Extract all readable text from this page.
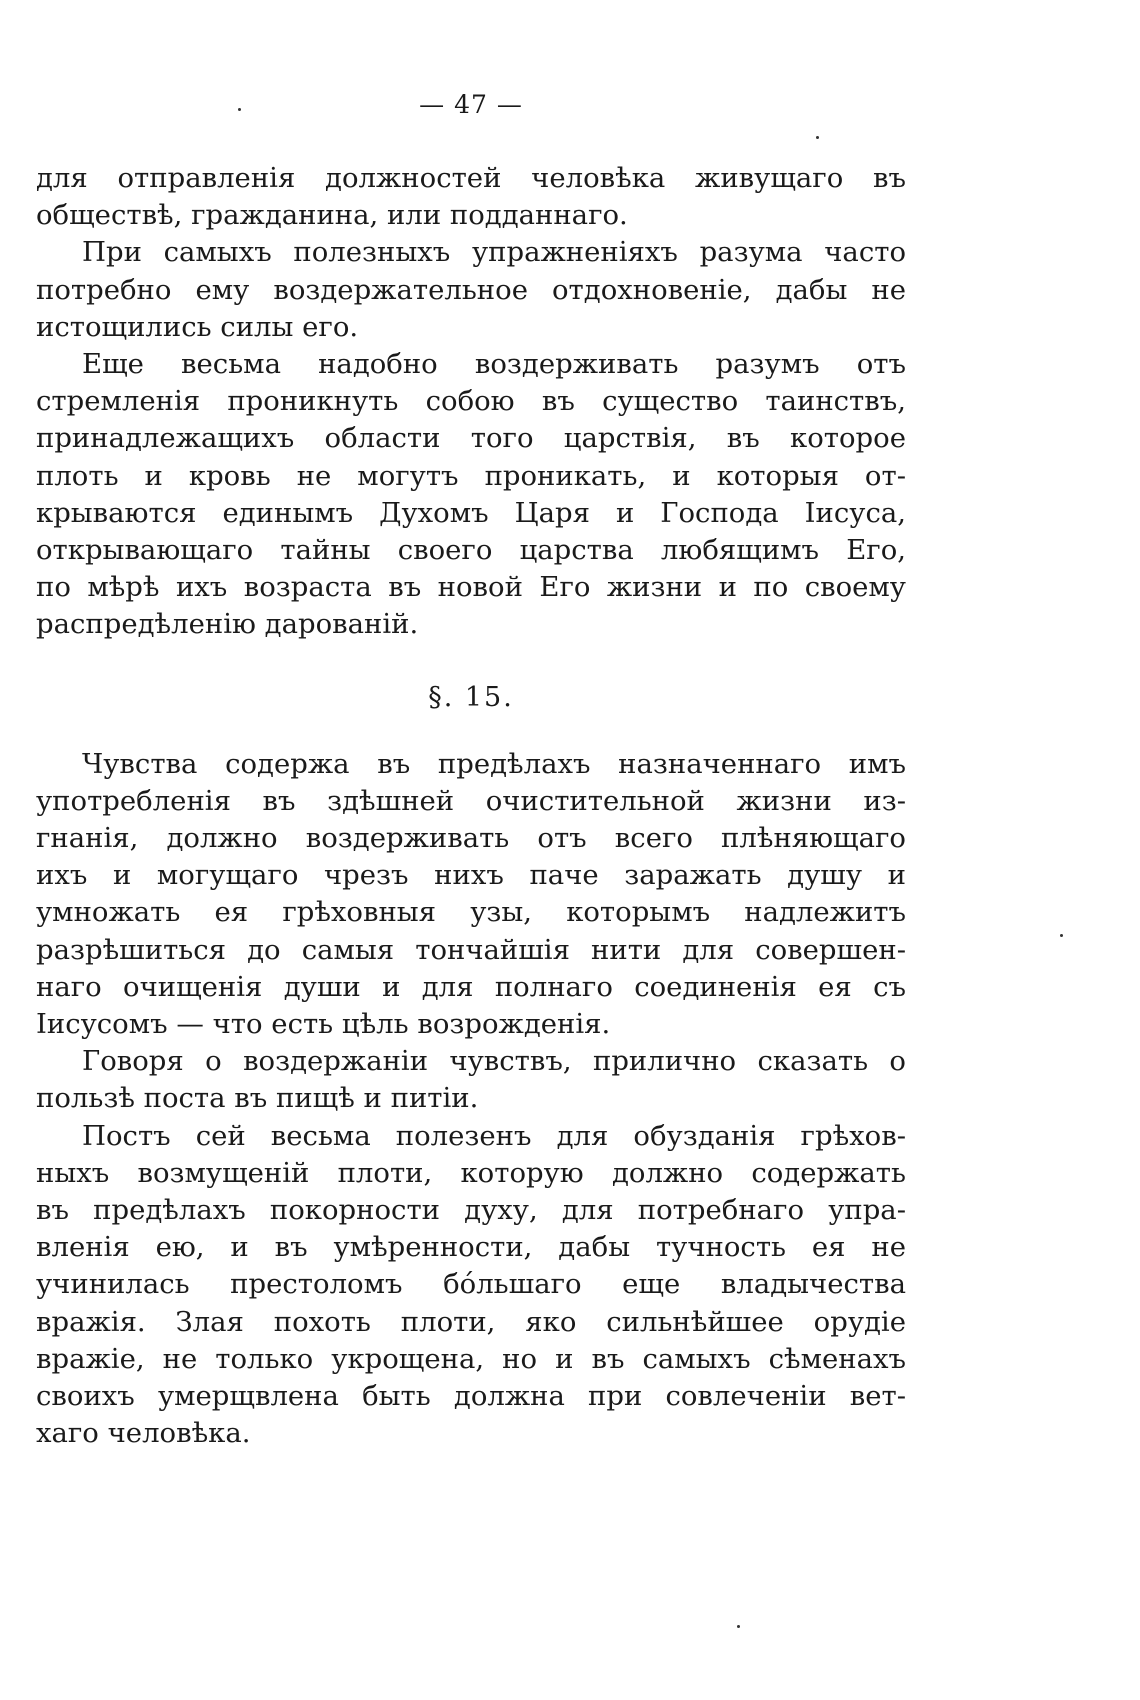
— 47 —

для отправленія должностей человѣка живущаго въ
обществѣ, гражданина, или подданнаго.

При самыхъ полезныхъ упражненіяхъ разума часто
потребно ему воздержательное отдохновеніе, дабы не
истощились силы его.

Еще весьма надобно воздерживать разумъ отъ
стремленія проникнуть собою въ существо таинствъ,
принадлежащихъ области того царствія, въ которое
плоть и кровь не могутъ проникать, и которыя от-
крываются единымъ Духомъ Царя и Господа Іисуса,
открывающаго тайны своего царства любящимъ Его,
по мѣрѣ ихъ возраста въ новой Его жизни и по своему
распредѣленію дарованій.

§. 15.

Чувства содержа въ предѣлахъ назначеннаго имъ
употребленія въ здѣшней очистительной жизни из-
гнанія, должно воздерживать отъ всего плѣняющаго
ихъ и могущаго чрезъ нихъ паче заражать душу и
умножать ея грѣховныя узы, которымъ надлежитъ
разрѣшиться до самыя тончайшія нити для совершен-
наго очищенія души и для полнаго соединенія ея съ
Іисусомъ — что есть цѣль возрожденія.

Говоря о воздержаніи чувствъ, прилично сказать о
пользѣ поста въ пищѣ и питіи.

Постъ сей весьма полезенъ для обузданія грѣхов-
ныхъ возмущеній плоти, которую должно содержать
въ предѣлахъ покорности духу, для потребнаго упра-
вленія ею, и въ умѣренности, дабы тучность ея не
учинилась престоломъ бо́льшаго еще владычества
вражія. Злая похоть плоти, яко сильнѣйшее орудіе
вражіе, не только укрощена, но и въ самыхъ сѣменахъ
своихъ умерщвлена быть должна при совлеченіи вет-
хаго человѣка.
